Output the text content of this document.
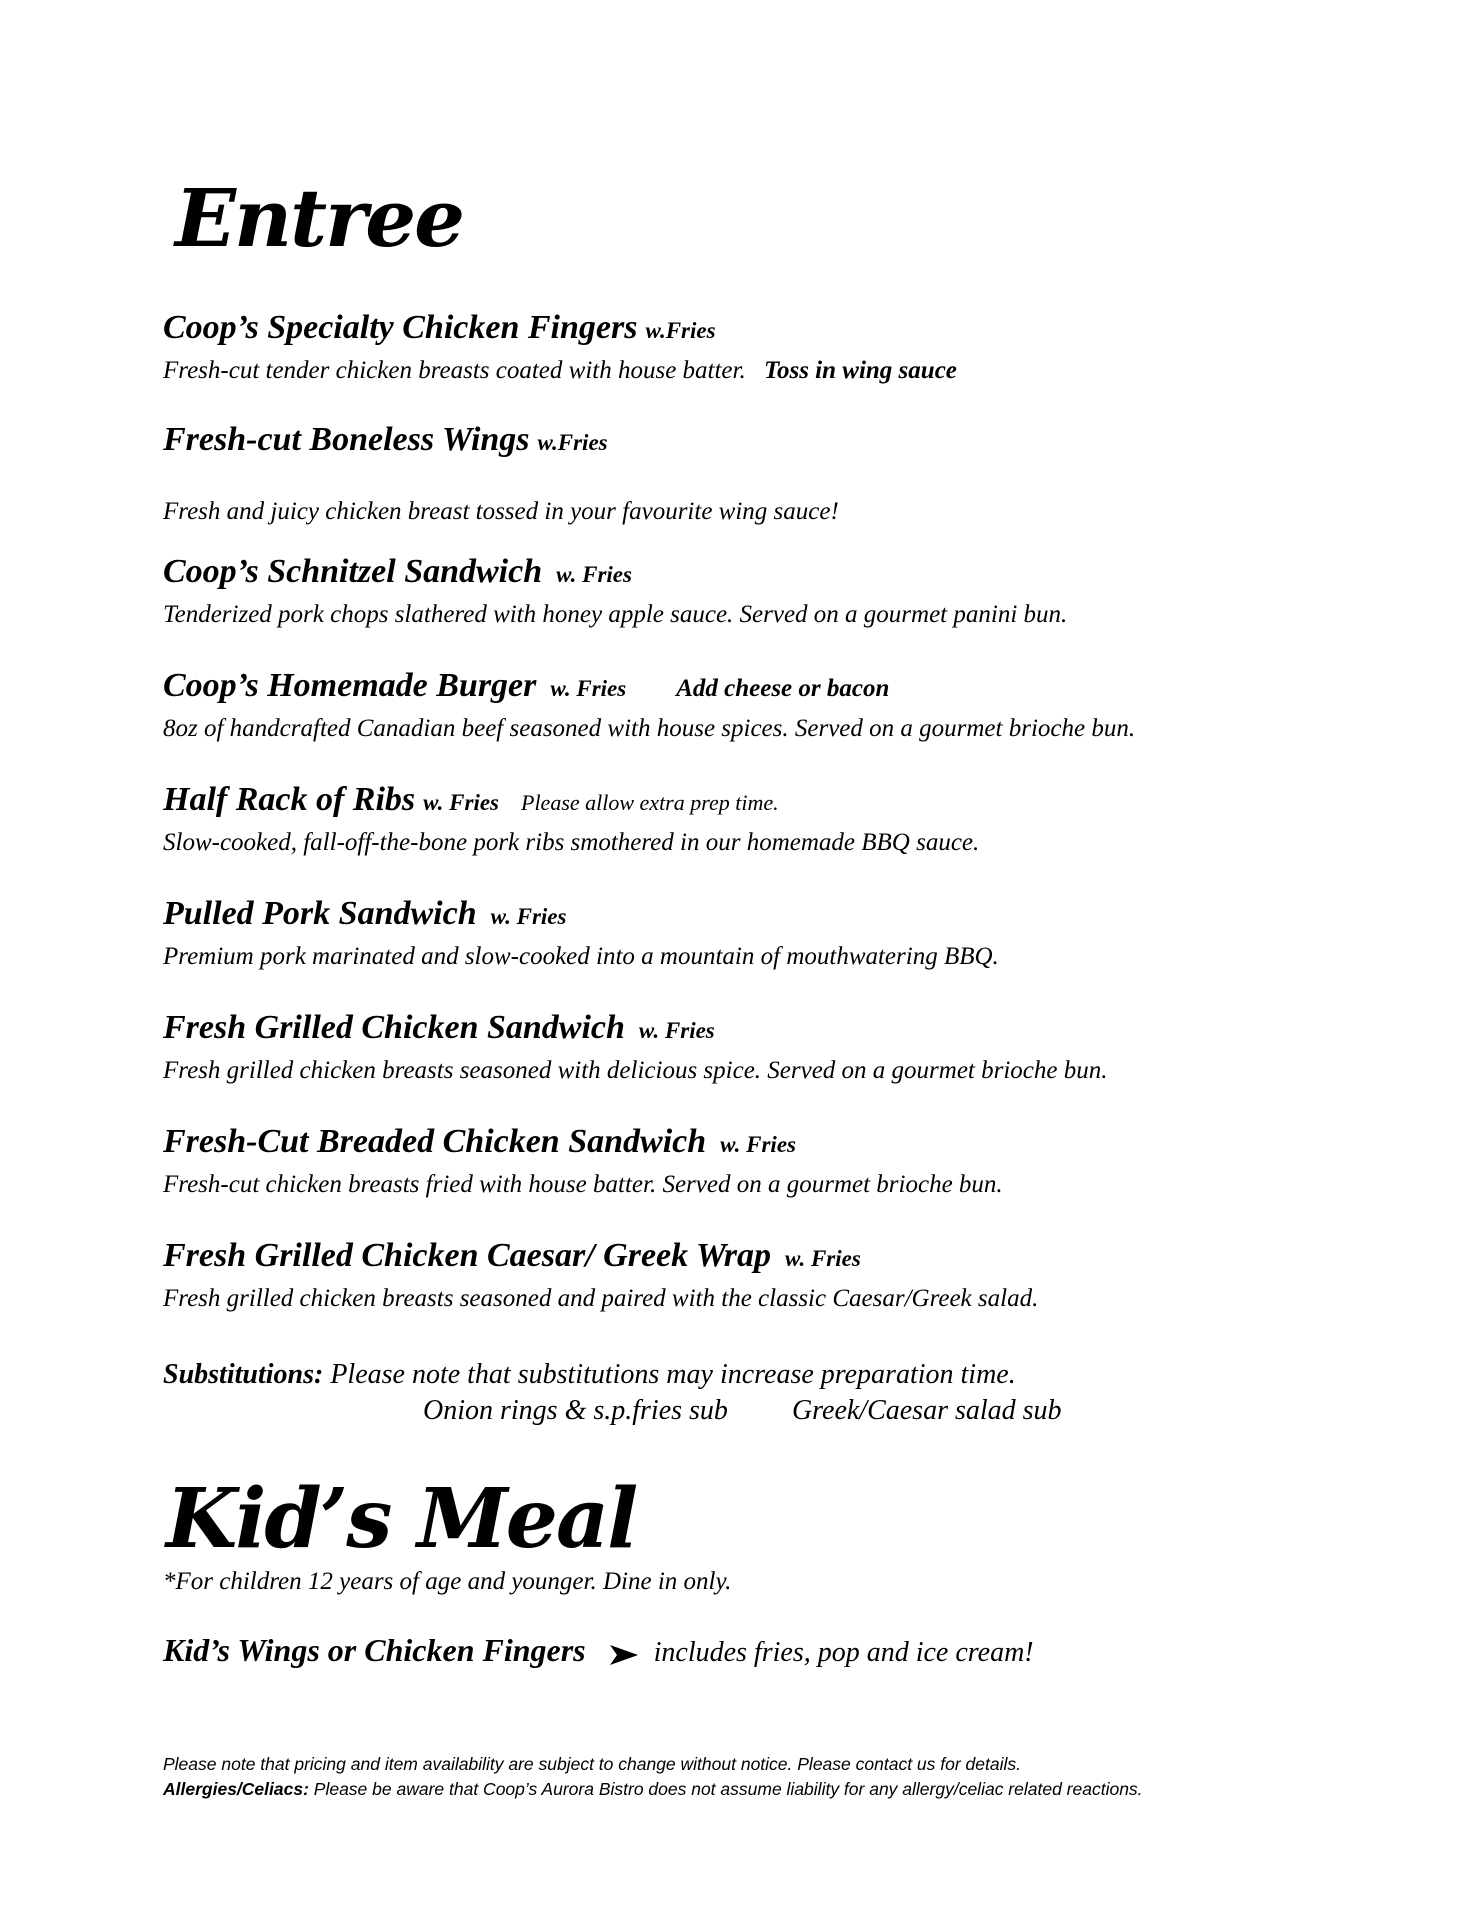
Entree
Coop’s Specialty Chicken Fingers w.Fries
Fresh-cut tender chicken breasts coated with house batter. Toss in wing sauce
Fresh-cut Boneless Wings w.Fries
Fresh and juicy chicken breast tossed in your favourite wing sauce!
Coop’s Schnitzel Sandwich w. Fries
Tenderized pork chops slathered with honey apple sauce. Served on a gourmet panini bun.
Coop’s Homemade Burger w. Fries Add cheese or bacon
8oz of handcrafted Canadian beef seasoned with house spices. Served on a gourmet brioche bun.
Half Rack of Ribs w. Fries Please allow extra prep time.
Slow-cooked, fall-off-the-bone pork ribs smothered in our homemade BBQ sauce.
Pulled Pork Sandwich w. Fries
Premium pork marinated and slow-cooked into a mountain of mouthwatering BBQ.
Fresh Grilled Chicken Sandwich w. Fries
Fresh grilled chicken breasts seasoned with delicious spice. Served on a gourmet brioche bun.
Fresh-Cut Breaded Chicken Sandwich w. Fries
Fresh-cut chicken breasts fried with house batter. Served on a gourmet brioche bun.
Fresh Grilled Chicken Caesar/ Greek Wrap w. Fries
Fresh grilled chicken breasts seasoned and paired with the classic Caesar/Greek salad.
Substitutions: Please note that substitutions may increase preparation time.
Onion rings & s.p.fries sub Greek/Caesar salad sub
Kid’s Meal
*For children 12 years of age and younger. Dine in only.
Kid’s Wings or Chicken Fingers includes fries, pop and ice cream!
Please note that pricing and item availability are subject to change without notice. Please contact us for details.
Allergies/Celiacs: Please be aware that Coop’s Aurora Bistro does not assume liability for any allergy/celiac related reactions.
